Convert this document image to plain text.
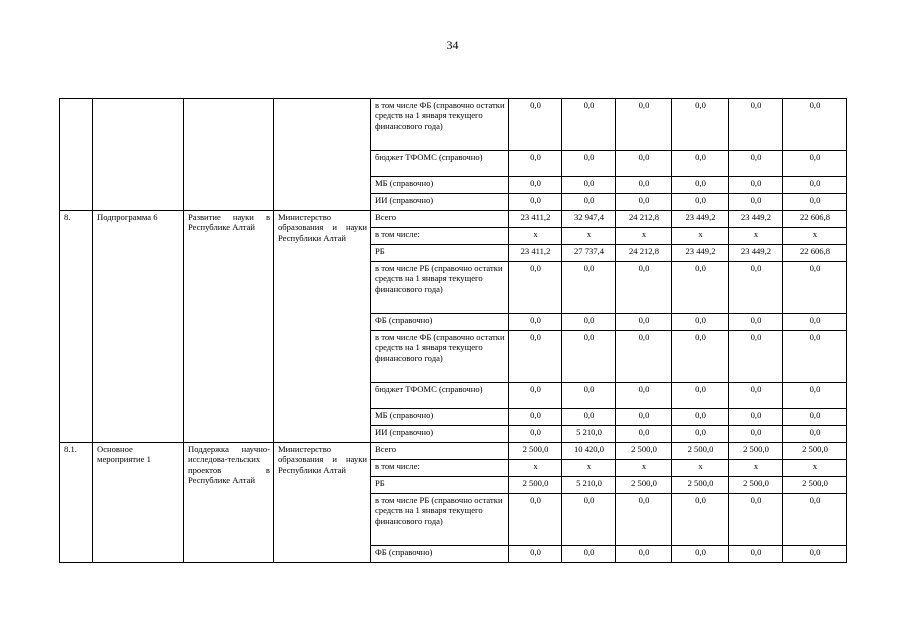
34
				в том числе ФБ (справочно остатки средств на 1 января текущего финансового года)	0,0	0,0	0,0	0,0	0,0	0,0
				бюджет ТФОМС (справочно)	0,0	0,0	0,0	0,0	0,0	0,0
				МБ (справочно)	0,0	0,0	0,0	0,0	0,0	0,0
				ИИ (справочно)	0,0	0,0	0,0	0,0	0,0	0,0
8.	Подпрограмма 6	Развитие науки в Республике Алтай	Министерство образования и науки Республики Алтай	Всего	23 411,2	32 947,4	24 212,8	23 449,2	23 449,2	22 606,8
				в том числе:	x	x	x	x	x	x
				РБ	23 411,2	27 737,4	24 212,8	23 449,2	23 449,2	22 606,8
				в том числе РБ (справочно остатки средств на 1 января текущего финансового года)	0,0	0,0	0,0	0,0	0,0	0,0
				ФБ (справочно)	0,0	0,0	0,0	0,0	0,0	0,0
				в том числе ФБ (справочно остатки средств на 1 января текущего финансового года)	0,0	0,0	0,0	0,0	0,0	0,0
				бюджет ТФОМС (справочно)	0,0	0,0	0,0	0,0	0,0	0,0
				МБ (справочно)	0,0	0,0	0,0	0,0	0,0	0,0
				ИИ (справочно)	0,0	5 210,0	0,0	0,0	0,0	0,0
8.1.	Основное мероприятие 1	Поддержка научно-исследова-тельских проектов в Республике Алтай	Министерство образования и науки Республики Алтай	Всего	2 500,0	10 420,0	2 500,0	2 500,0	2 500,0	2 500,0
				в том числе:	x	x	x	x	x	x
				РБ	2 500,0	5 210,0	2 500,0	2 500,0	2 500,0	2 500,0
				в том числе РБ (справочно остатки средств на 1 января текущего финансового года)	0,0	0,0	0,0	0,0	0,0	0,0
				ФБ (справочно)	0,0	0,0	0,0	0,0	0,0	0,0
